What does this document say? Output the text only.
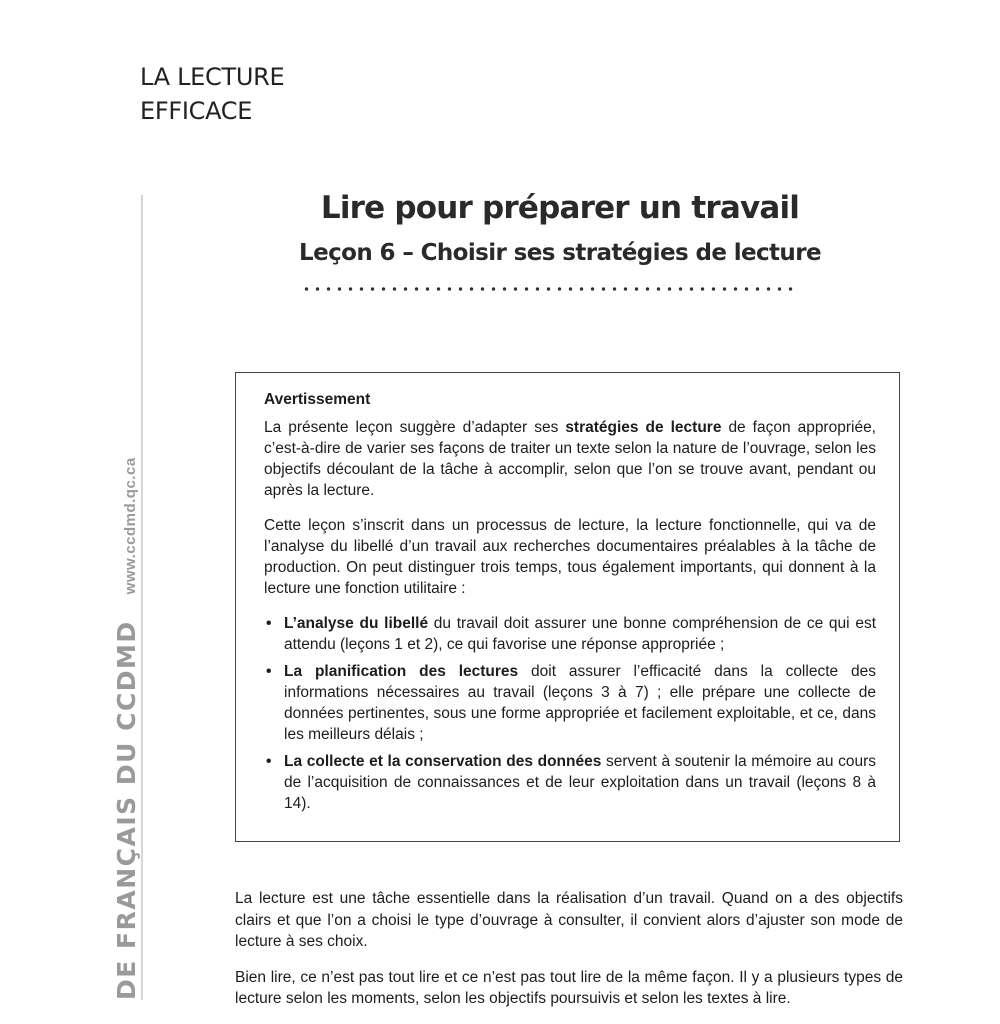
LA LECTURE
EFFICACE
DE FRANÇAIS DU CCDMDwww.ccdmd.qc.ca
Lire pour préparer un travail
Leçon 6 – Choisir ses stratégies de lecture
Avertissement

La présente leçon suggère d’adapter ses stratégies de lecture de façon appropriée, c’est-à-dire de varier ses façons de traiter un texte selon la nature de l’ouvrage, selon les objectifs découlant de la tâche à accomplir, selon que l’on se trouve avant, pendant ou après la lecture.

Cette leçon s’inscrit dans un processus de lecture, la lecture fonctionnelle, qui va de l’analyse du libellé d’un travail aux recherches documentaires préalables à la tâche de production. On peut distinguer trois temps, tous également importants, qui donnent à la lecture une fonction utilitaire :

• L’analyse du libellé du travail doit assurer une bonne compréhension de ce qui est attendu (leçons 1 et 2), ce qui favorise une réponse appropriée ;
• La planification des lectures doit assurer l’efficacité dans la collecte des informations nécessaires au travail (leçons 3 à 7) ; elle prépare une collecte de données pertinentes, sous une forme appropriée et facilement exploitable, et ce, dans les meilleurs délais ;
• La collecte et la conservation des données servent à soutenir la mémoire au cours de l’acquisition de connaissances et de leur exploitation dans un travail (leçons 8 à 14).

La lecture est une tâche essentielle dans la réalisation d’un travail. Quand on a des objectifs clairs et que l’on a choisi le type d’ouvrage à consulter, il convient alors d’ajuster son mode de lecture à ses choix.

Bien lire, ce n’est pas tout lire et ce n’est pas tout lire de la même façon. Il y a plusieurs types de lecture selon les moments, selon les objectifs poursuivis et selon les textes à lire.
